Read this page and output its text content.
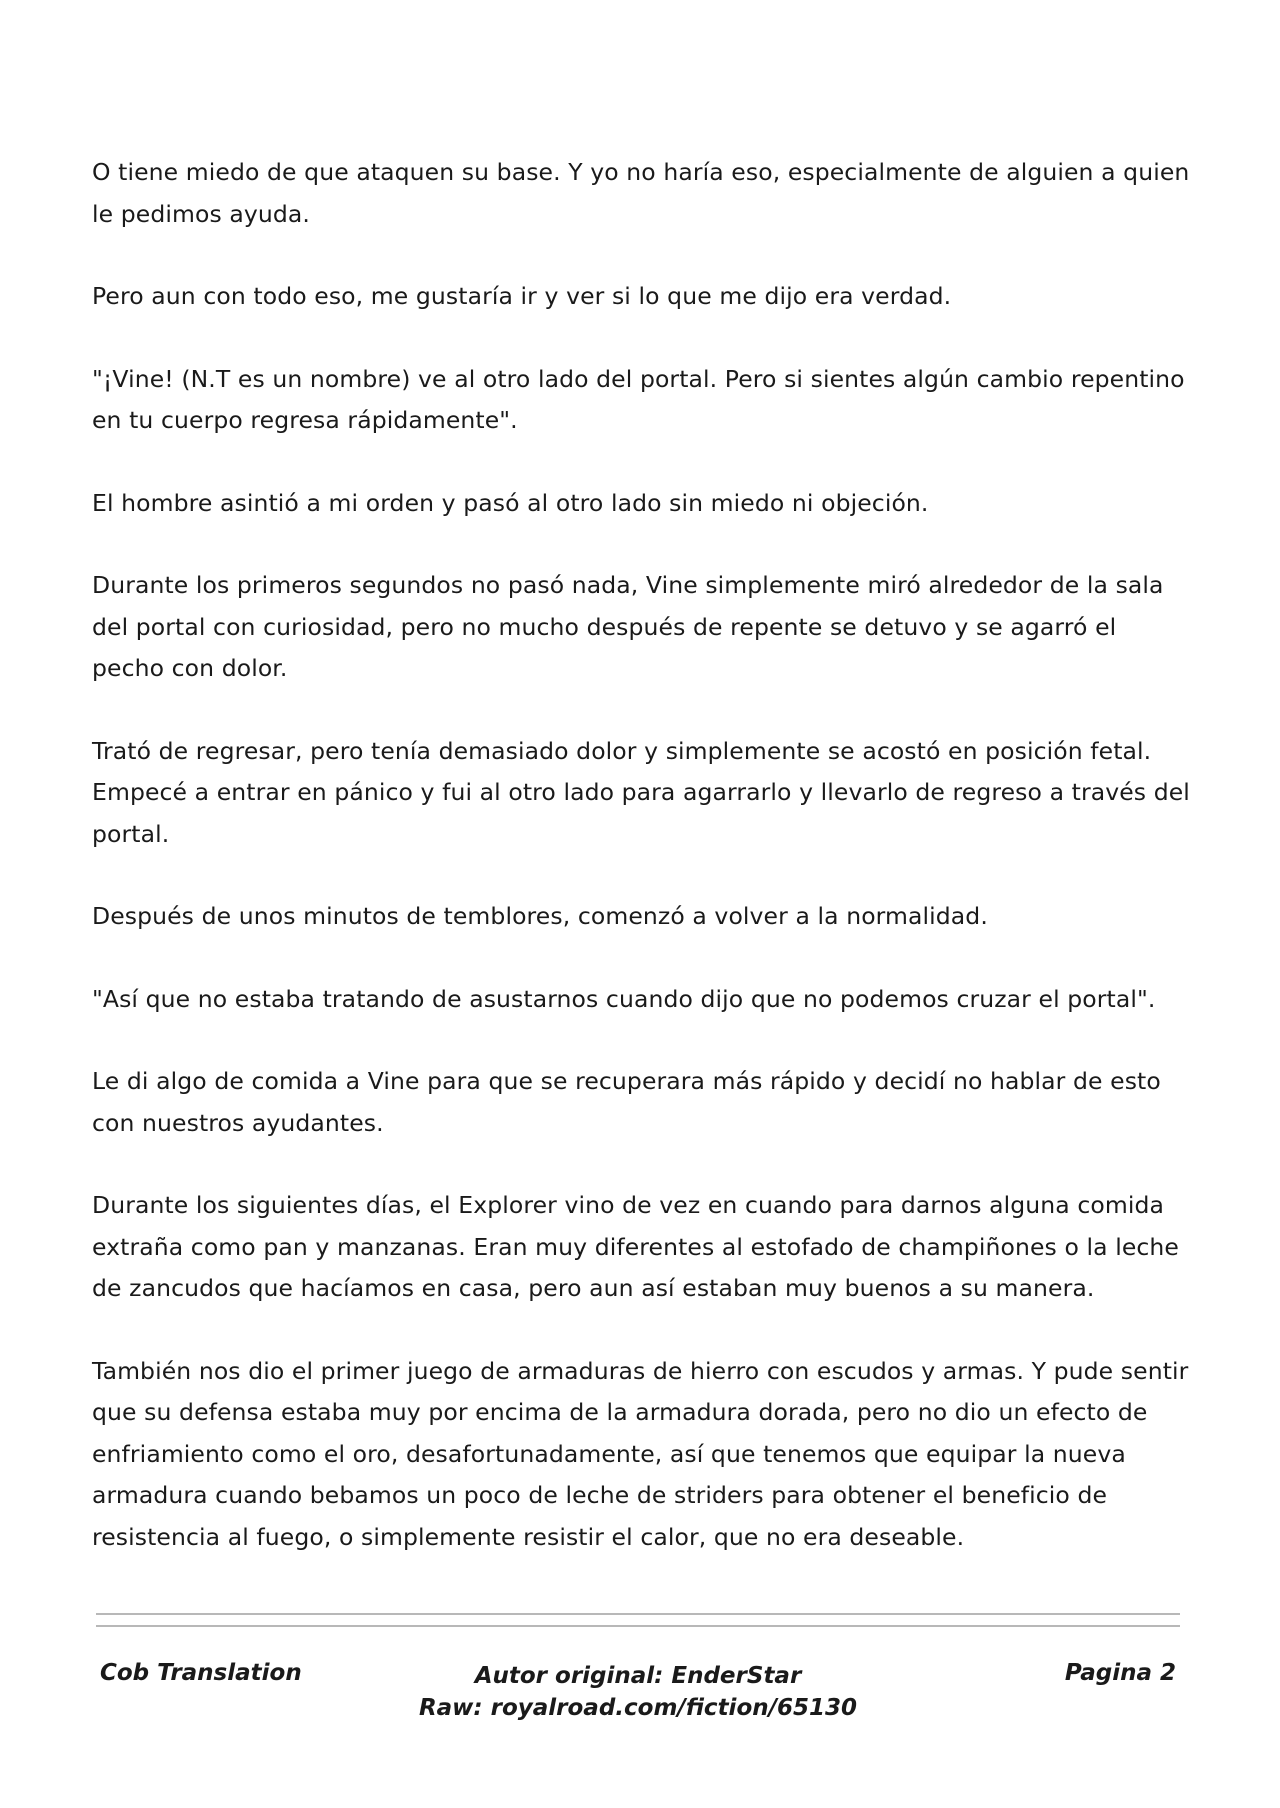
O tiene miedo de que ataquen su base. Y yo no haría eso, especialmente de alguien a quien le pedimos ayuda.

Pero aun con todo eso, me gustaría ir y ver si lo que me dijo era verdad.

"¡Vine! (N.T es un nombre) ve al otro lado del portal. Pero si sientes algún cambio repentino en tu cuerpo regresa rápidamente".

El hombre asintió a mi orden y pasó al otro lado sin miedo ni objeción.

Durante los primeros segundos no pasó nada, Vine simplemente miró alrededor de la sala del portal con curiosidad, pero no mucho después de repente se detuvo y se agarró el pecho con dolor.

Trató de regresar, pero tenía demasiado dolor y simplemente se acostó en posición fetal. Empecé a entrar en pánico y fui al otro lado para agarrarlo y llevarlo de regreso a través del portal.

Después de unos minutos de temblores, comenzó a volver a la normalidad.

"Así que no estaba tratando de asustarnos cuando dijo que no podemos cruzar el portal".

Le di algo de comida a Vine para que se recuperara más rápido y decidí no hablar de esto con nuestros ayudantes.

Durante los siguientes días, el Explorer vino de vez en cuando para darnos alguna comida extraña como pan y manzanas. Eran muy diferentes al estofado de champiñones o la leche de zancudos que hacíamos en casa, pero aun así estaban muy buenos a su manera.

También nos dio el primer juego de armaduras de hierro con escudos y armas. Y pude sentir que su defensa estaba muy por encima de la armadura dorada, pero no dio un efecto de enfriamiento como el oro, desafortunadamente, así que tenemos que equipar la nueva armadura cuando bebamos un poco de leche de striders para obtener el beneficio de resistencia al fuego, o simplemente resistir el calor, que no era deseable.

Cob Translation	Autor original: EnderStar
Raw: royalroad.com/fiction/65130
Pagina 2
